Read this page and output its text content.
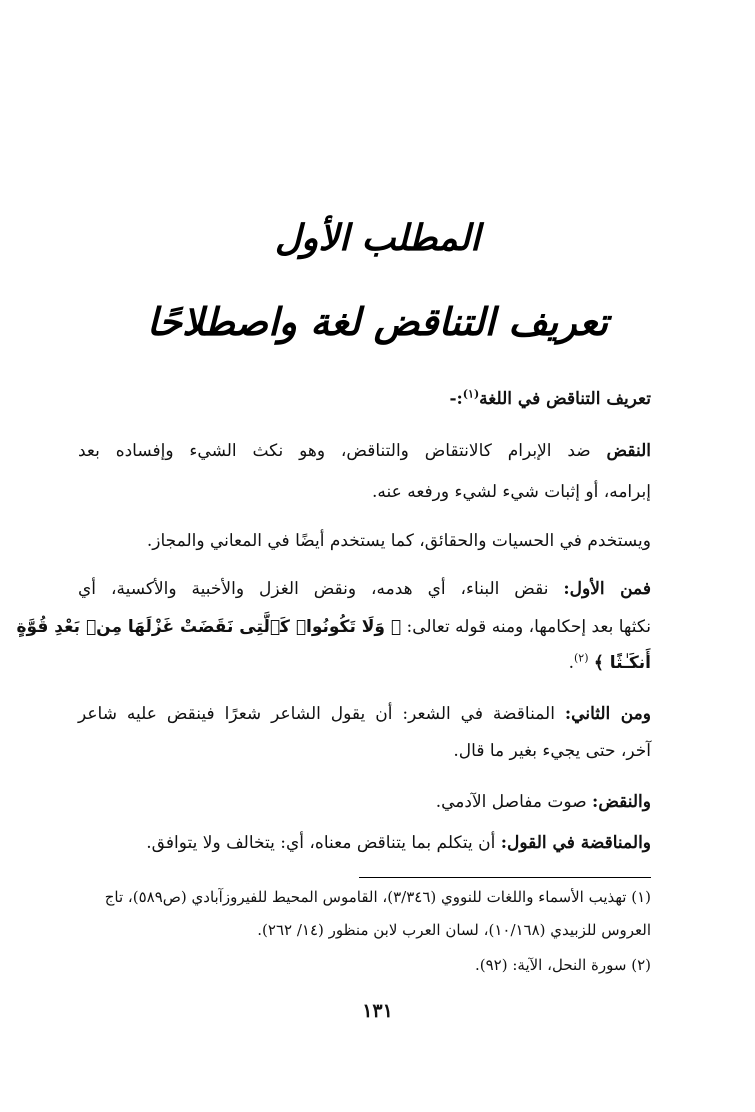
المطلب الأول
تعريف التناقض لغة واصطلاحًا
تعريف التناقض في اللغة$^{(١)}$:-
النقض ضد الإبرام كالانتقاض والتناقض، وهو نكث الشيء وإفساده بعد
إبرامه، أو إثبات شيء لشيء ورفعه عنه.
ويستخدم في الحسيات والحقائق، كما يستخدم أيضًا في المعاني والمجاز.
فمن الأول: نقض البناء، أي هدمه، ونقض الغزل والأخبية والأكسية، أي
نكثها بعد إحكامها، ومنه قوله تعالى: ﴿ وَلَا تَكُونُوا۟ كَٱلَّتِى نَقَضَتْ غَزْلَهَا مِنۢ بَعْدِ قُوَّةٍ
أَنكَـٰثًا ﴾ $^{(٢)}$.
ومن الثاني: المناقضة في الشعر: أن يقول الشاعر شعرًا فينقض عليه شاعر
آخر، حتى يجيء بغير ما قال.
والنقض: صوت مفاصل الآدمي.
والمناقضة في القول: أن يتكلم بما يتناقض معناه، أي: يتخالف ولا يتوافق.
(١) تهذيب الأسماء واللغات للنووي (٣/٣٤٦)، القاموس المحيط للفيروزآبادي (ص٥٨٩)، تاج
العروس للزبيدي (١٠/١٦٨)، لسان العرب لابن منظور (١٤/ ٢٦٢).
(٢) سورة النحل، الآية: (٩٢).
١٣١
